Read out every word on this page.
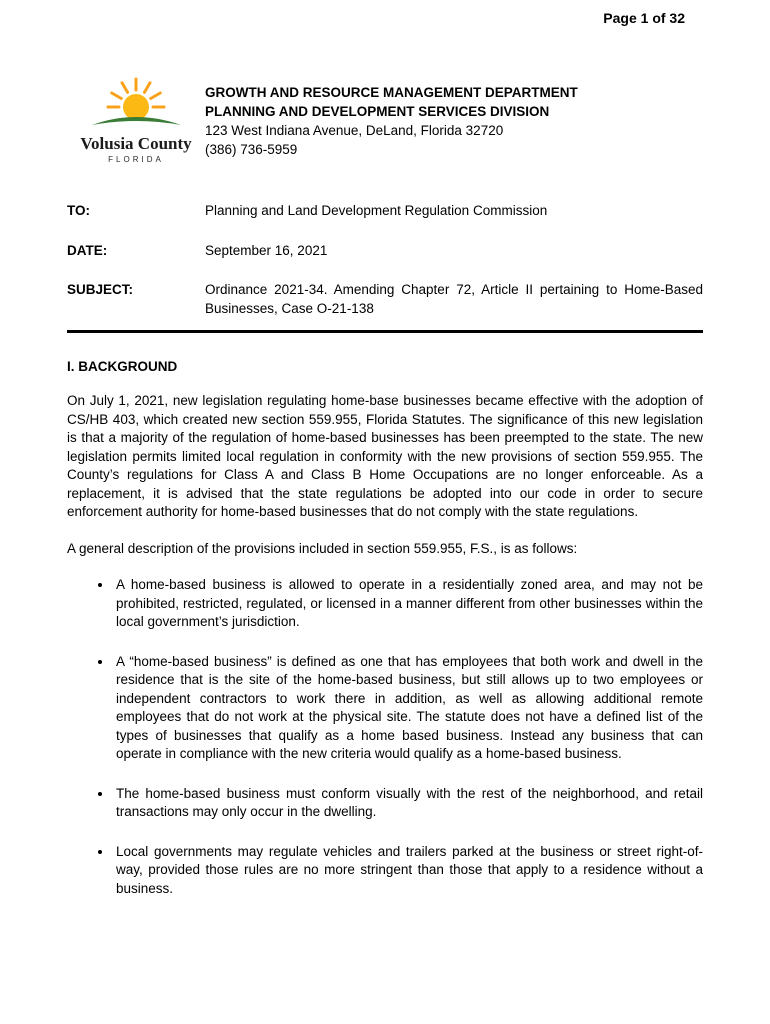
Page 1 of 32
Volusia County
FLORIDA
GROWTH AND RESOURCE MANAGEMENT DEPARTMENT
PLANNING AND DEVELOPMENT SERVICES DIVISION
123 West Indiana Avenue, DeLand, Florida 32720
(386) 736-5959
TO:	Planning and Land Development Regulation Commission
DATE:	September 16, 2021
SUBJECT:	Ordinance 2021-34. Amending Chapter 72, Article II pertaining to Home-Based Businesses, Case O-21-138
I. BACKGROUND

On July 1, 2021, new legislation regulating home-base businesses became effective with the adoption of CS/HB 403, which created new section 559.955, Florida Statutes. The significance of this new legislation is that a majority of the regulation of home-based businesses has been preempted to the state. The new legislation permits limited local regulation in conformity with the new provisions of section 559.955. The County’s regulations for Class A and Class B Home Occupations are no longer enforceable. As a replacement, it is advised that the state regulations be adopted into our code in order to secure enforcement authority for home-based businesses that do not comply with the state regulations.

A general description of the provisions included in section 559.955, F.S., is as follows:

• A home-based business is allowed to operate in a residentially zoned area, and may not be prohibited, restricted, regulated, or licensed in a manner different from other businesses within the local government’s jurisdiction.
• A “home-based business” is defined as one that has employees that both work and dwell in the residence that is the site of the home-based business, but still allows up to two employees or independent contractors to work there in addition, as well as allowing additional remote employees that do not work at the physical site. The statute does not have a defined list of the types of businesses that qualify as a home based business. Instead any business that can operate in compliance with the new criteria would qualify as a home-based business.
• The home-based business must conform visually with the rest of the neighborhood, and retail transactions may only occur in the dwelling.
• Local governments may regulate vehicles and trailers parked at the business or street right-of-way, provided those rules are no more stringent than those that apply to a residence without a business.
